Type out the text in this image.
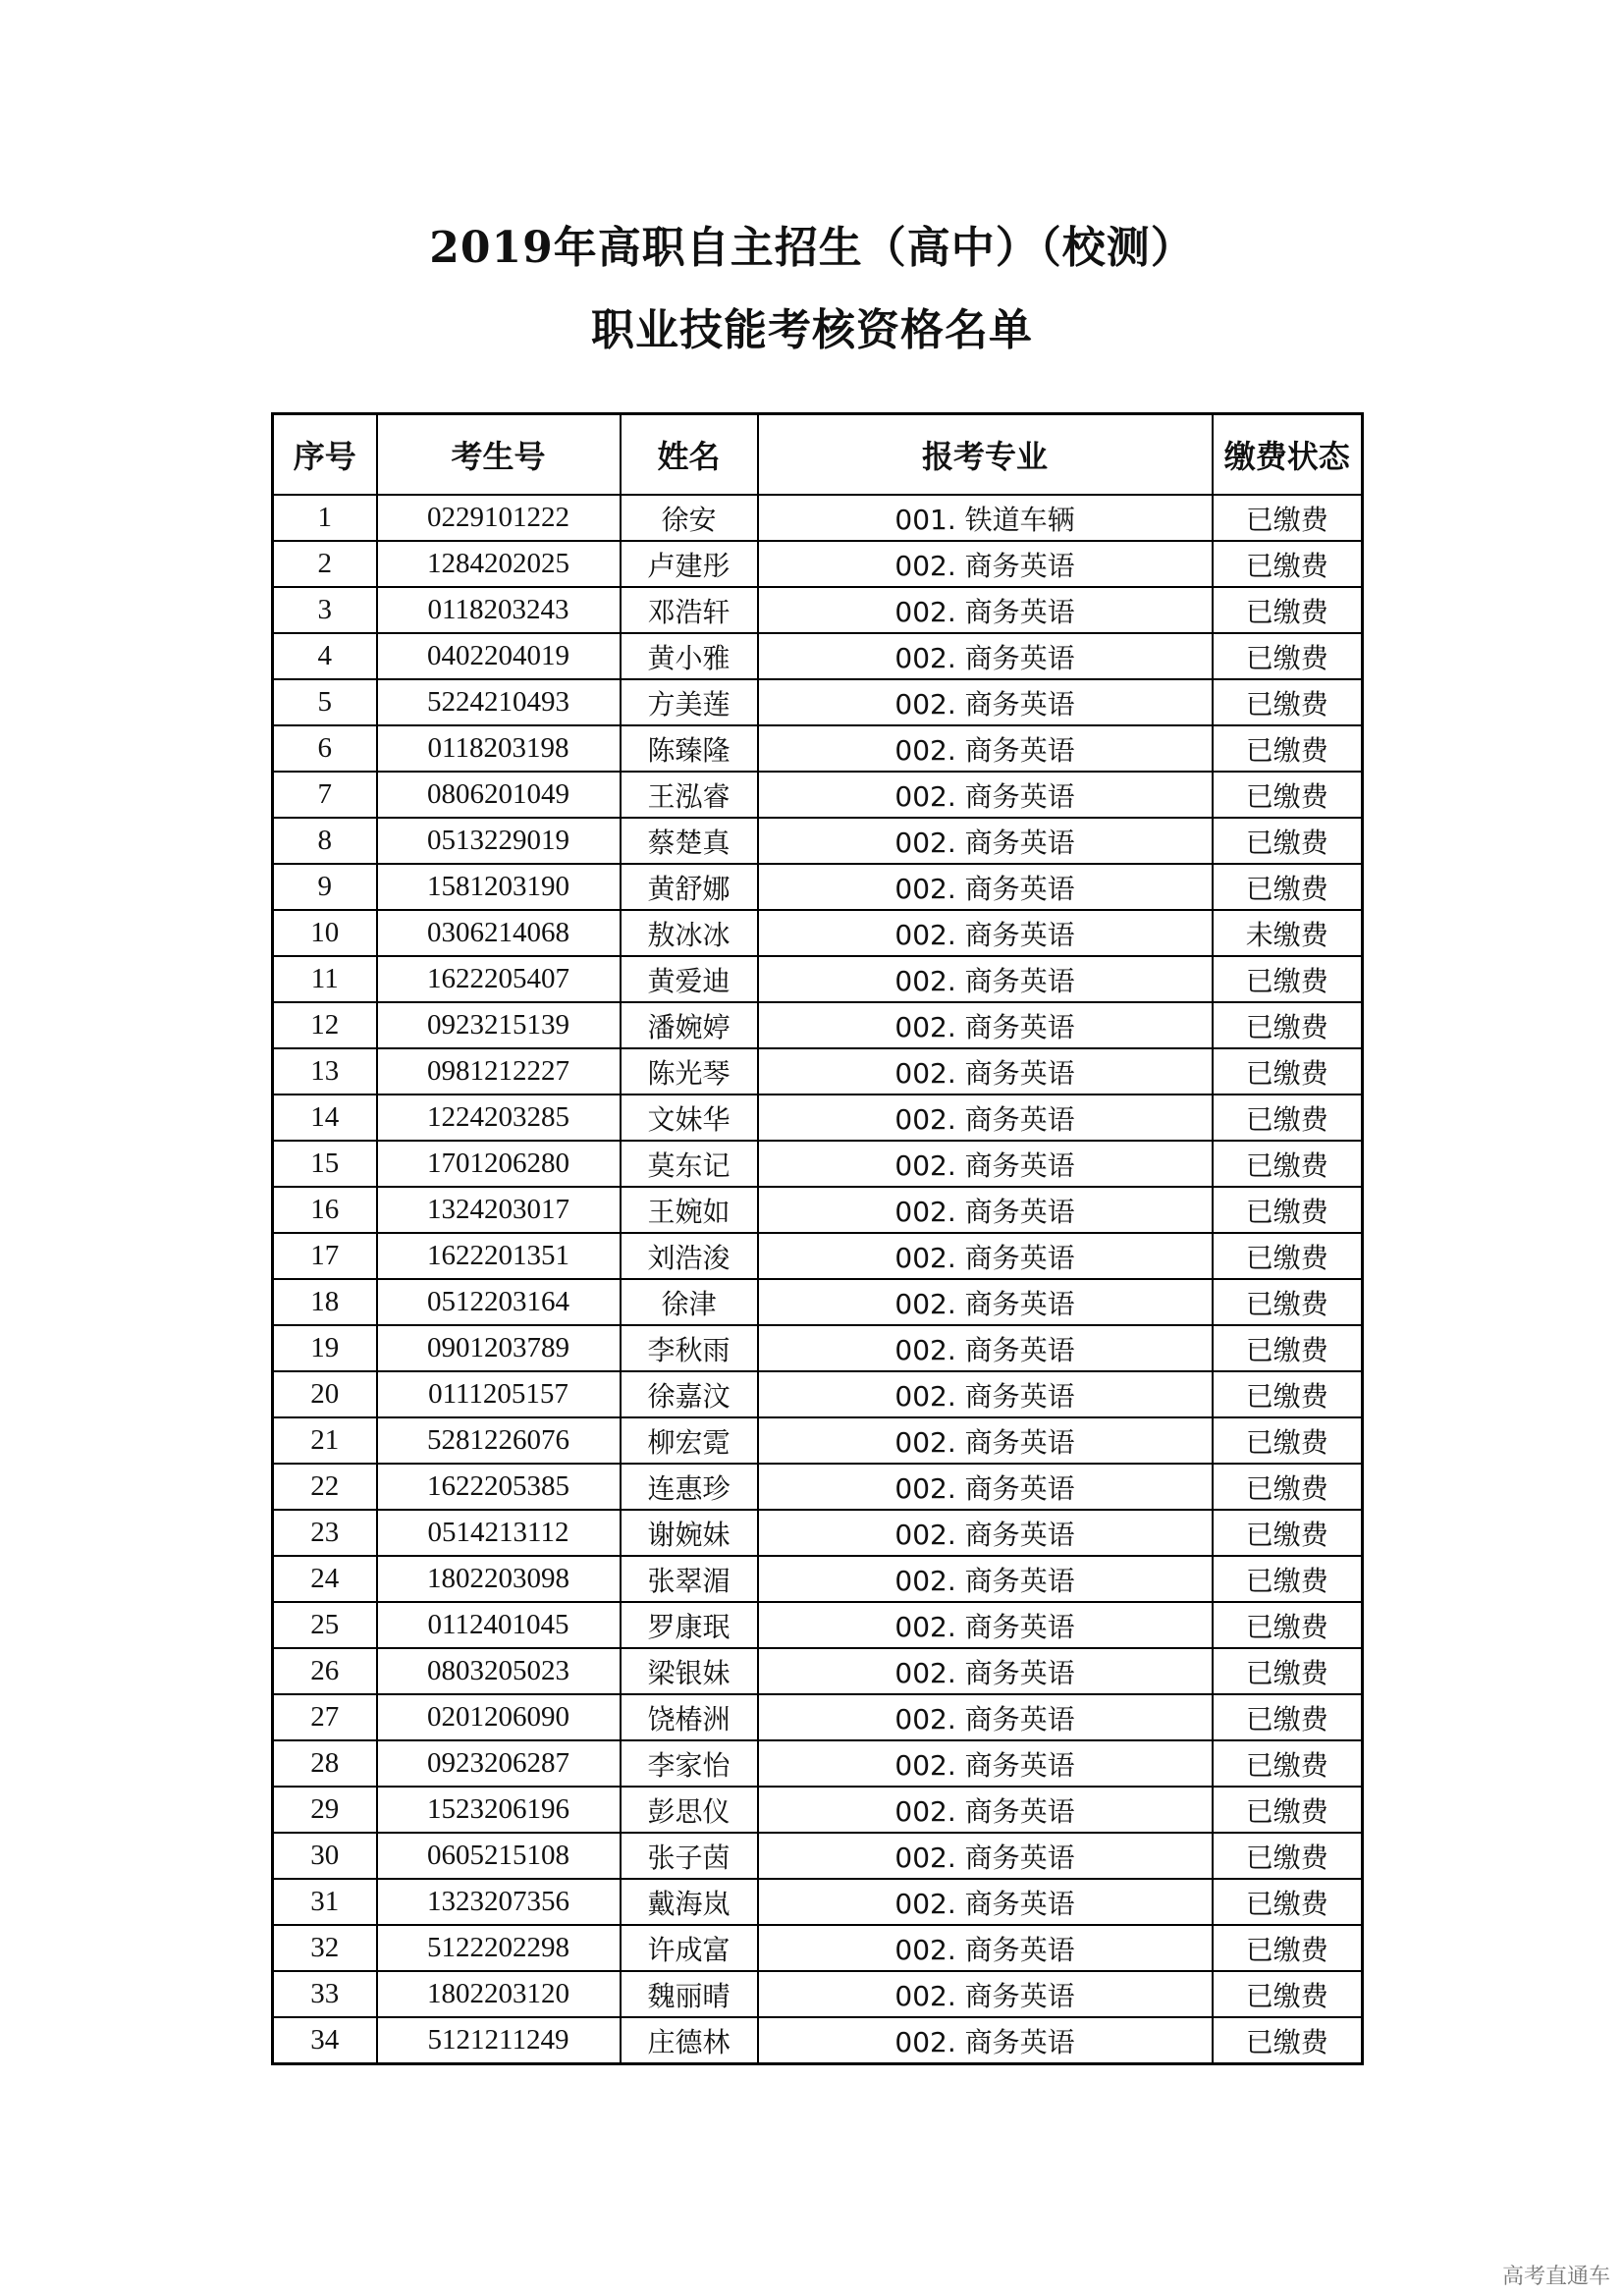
2019年高职自主招生（高中）（校测）
职业技能考核资格名单
序号	考生号	姓名	报考专业	缴费状态
1	0229101222	徐安	001. 铁道车辆	已缴费
2	1284202025	卢建彤	002. 商务英语	已缴费
3	0118203243	邓浩轩	002. 商务英语	已缴费
4	0402204019	黄小雅	002. 商务英语	已缴费
5	5224210493	方美莲	002. 商务英语	已缴费
6	0118203198	陈臻隆	002. 商务英语	已缴费
7	0806201049	王泓睿	002. 商务英语	已缴费
8	0513229019	蔡楚真	002. 商务英语	已缴费
9	1581203190	黄舒娜	002. 商务英语	已缴费
10	0306214068	敖冰冰	002. 商务英语	未缴费
11	1622205407	黄爱迪	002. 商务英语	已缴费
12	0923215139	潘婉婷	002. 商务英语	已缴费
13	0981212227	陈光琴	002. 商务英语	已缴费
14	1224203285	文妹华	002. 商务英语	已缴费
15	1701206280	莫东记	002. 商务英语	已缴费
16	1324203017	王婉如	002. 商务英语	已缴费
17	1622201351	刘浩浚	002. 商务英语	已缴费
18	0512203164	徐津	002. 商务英语	已缴费
19	0901203789	李秋雨	002. 商务英语	已缴费
20	0111205157	徐嘉汶	002. 商务英语	已缴费
21	5281226076	柳宏霓	002. 商务英语	已缴费
22	1622205385	连惠珍	002. 商务英语	已缴费
23	0514213112	谢婉妹	002. 商务英语	已缴费
24	1802203098	张翠湄	002. 商务英语	已缴费
25	0112401045	罗康珉	002. 商务英语	已缴费
26	0803205023	梁银妹	002. 商务英语	已缴费
27	0201206090	饶椿洲	002. 商务英语	已缴费
28	0923206287	李家怡	002. 商务英语	已缴费
29	1523206196	彭思仪	002. 商务英语	已缴费
30	0605215108	张子茵	002. 商务英语	已缴费
31	1323207356	戴海岚	002. 商务英语	已缴费
32	5122202298	许成富	002. 商务英语	已缴费
33	1802203120	魏丽晴	002. 商务英语	已缴费
34	5121211249	庄德林	002. 商务英语	已缴费
高考直通车
